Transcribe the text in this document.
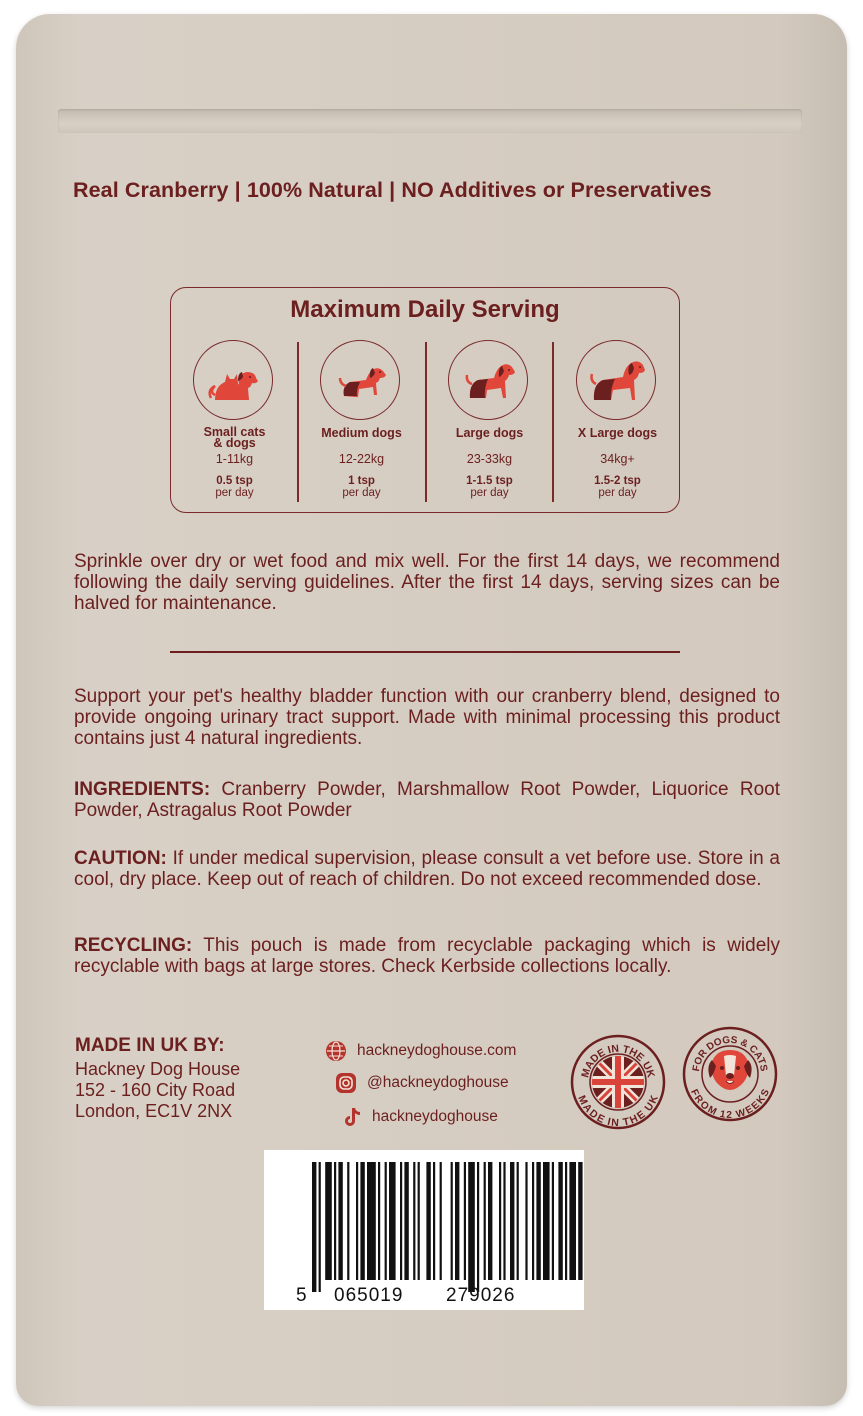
Real Cranberry | 100% Natural | NO Additives or Preservatives
Maximum Daily Serving
Small cats
& dogs
1-11kg
0.5 tsp
per day
Medium dogs
12-22kg
1 tsp
per day
Large dogs
23-33kg
1-1.5 tsp
per day
X Large dogs
34kg+
1.5-2 tsp
per day
Sprinkle over dry or wet food and mix well. For the first 14 days, we recommend following the daily serving guidelines. After the first 14 days, serving sizes can be halved for maintenance.
Support your pet's healthy bladder function with our cranberry blend, designed to provide ongoing urinary tract support. Made with minimal processing this product contains just 4 natural ingredients.
INGREDIENTS: Cranberry Powder, Marshmallow Root Powder, Liquorice Root Powder, Astragalus Root Powder
CAUTION: If under medical supervision, please consult a vet before use. Store in a cool, dry place. Keep out of reach of children. Do not exceed recommended dose.
RECYCLING: This pouch is made from recyclable packaging which is widely recyclable with bags at large stores. Check Kerbside collections locally.
MADE IN UK BY:
Hackney Dog House
152 - 160 City Road
London, EC1V 2NX
hackneydoghouse.com
@hackneydoghouse
hackneydoghouse
MADE IN THE UK
MADE IN THE UK
FOR DOGS & CATS
FROM 12 WEEKS
5 065019 279026
